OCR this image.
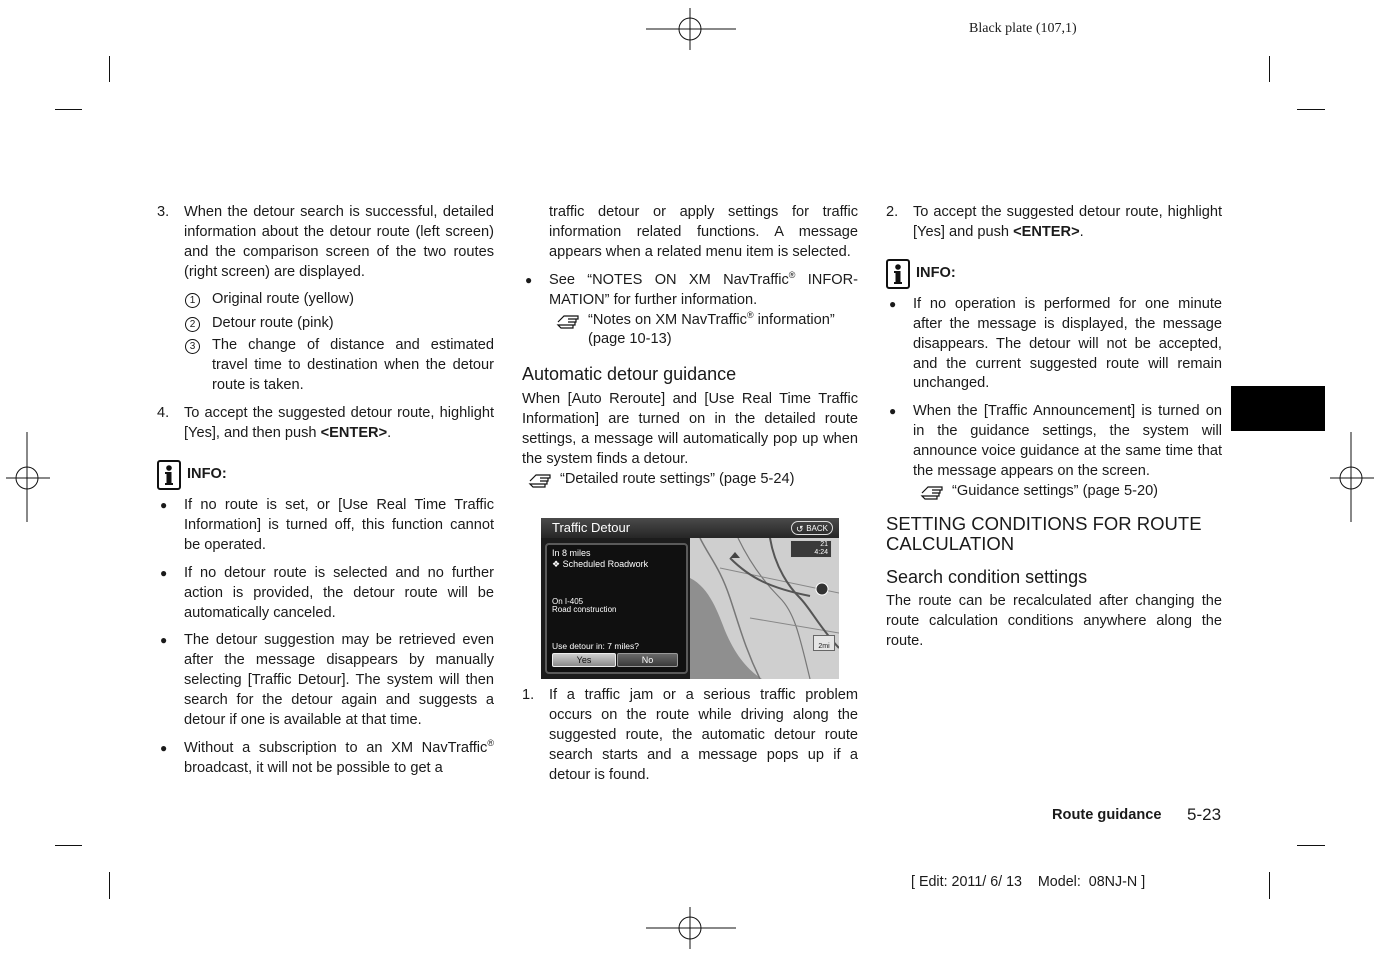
Black plate (107,1)

3. When the detour search is successful, detailed information about the detour route (left screen) and the comparison screen of the two routes (right screen) are displayed.

1	Original route (yellow)

2	Detour route (pink)

3	The change of distance and estimated travel time to destination when the detour route is taken.

4. To accept the suggested detour route, highlight [Yes], and then push <ENTER>.

INFO:

● If no route is set, or [Use Real Time Traffic Information] is turned off, this function cannot be operated.

● If no detour route is selected and no further action is provided, the detour route will be automatically canceled.

● The detour suggestion may be retrieved even after the message disappears by manually selecting [Traffic Detour]. The system will then search for the detour again and suggests a detour if one is available at that time.

● Without a subscription to an XM NavTraffic® broadcast, it will not be possible to get a

traffic detour or apply settings for traffic information related functions. A message appears when a related menu item is selected.

● See “NOTES ON XM NavTraffic® INFOR-MATION” for further information.

“Notes on XM NavTraffic® information” (page 10-13)

Automatic detour guidance

When [Auto Reroute] and [Use Real Time Traffic Information] are turned on in the detailed route settings, a message will automatically pop up when the system finds a detour.

“Detailed route settings” (page 5-24)

Traffic Detour	↺ BACK
In 8 miles
❖ Scheduled Roadwork
On I-405
Road construction
Use detour in: 7 miles?
Yes	No
21
4:24
2mi

1. If a traffic jam or a serious traffic problem occurs on the route while driving along the suggested route, the automatic detour route search starts and a message pops up if a detour is found.

2. To accept the suggested detour route, highlight [Yes] and push <ENTER>.

INFO:

● If no operation is performed for one minute after the message is displayed, the message disappears. The detour will not be accepted, and the current suggested route will remain unchanged.

● When the [Traffic Announcement] is turned on in the guidance settings, the system will announce voice guidance at the same time that the message appears on the screen.

“Guidance settings” (page 5-20)

SETTING CONDITIONS FOR ROUTE CALCULATION

Search condition settings

The route can be recalculated after changing the route calculation conditions anywhere along the route.

Route guidance 5-23
[ Edit: 2011/ 6/ 13    Model:  08NJ-N ]
